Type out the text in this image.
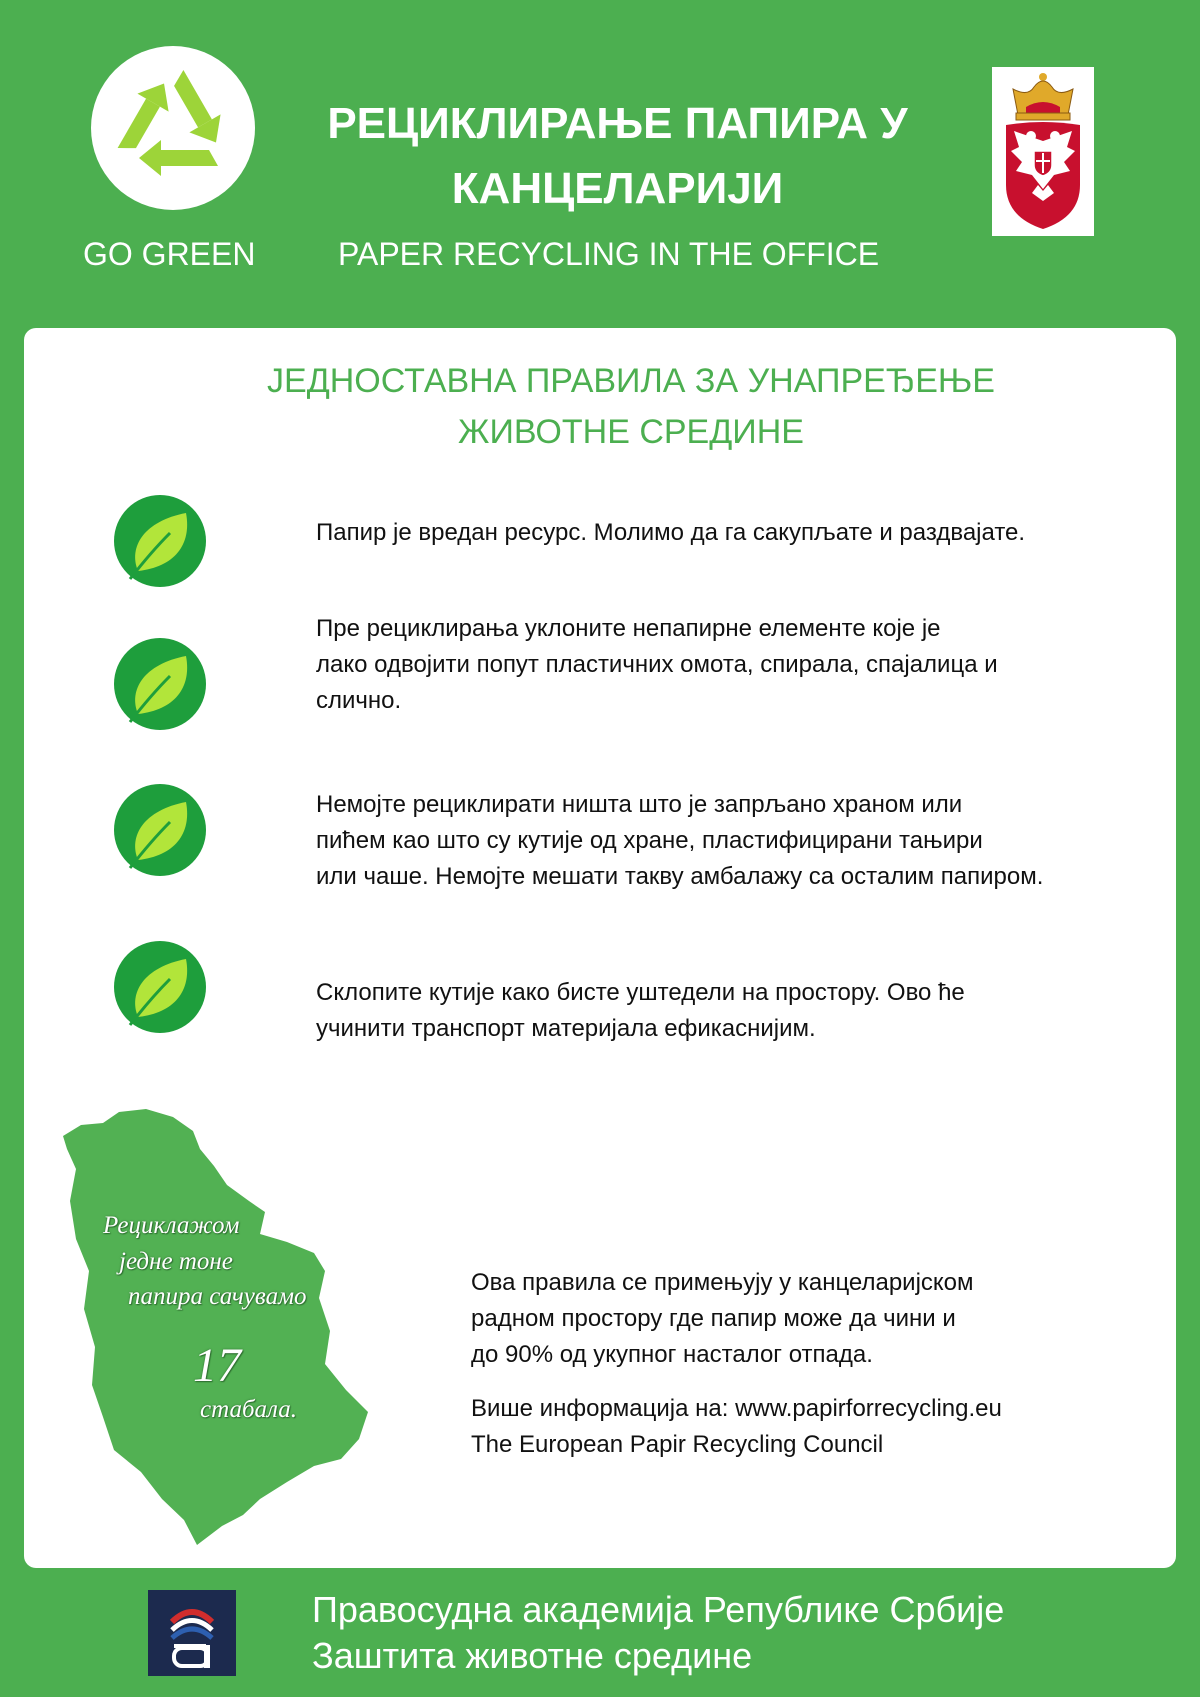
РЕЦИКЛИРАЊЕ ПАПИРА У
КАНЦЕЛАРИЈИ
GO GREEN	PAPER RECYCLING IN THE OFFICE
ЈЕДНОСТАВНА ПРАВИЛА ЗА УНАПРЕЂЕЊЕ
ЖИВОТНЕ СРЕДИНЕ
Папир је вредан ресурс. Молимо да га сакупљате и раздвајате.
Пре рециклирања уклоните непапирне елементе које је
лако одвојити попут пластичних омота, спирала, спајалица и
слично.
Немојте рециклирати ништа што је запрљано храном или
пићем као што су кутије од хране, пластифицирани тањири
или чаше. Немојте мешати такву амбалажу са осталим папиром.
Склопите кутије како бисте уштедели на простору. Ово ће
учинити транспорт материјала ефикаснијим.
Рециклажом
једне тоне
папира сачувамо
17
стабала.
Ова правила се примењују у канцеларијском
радном простору где папир може да чини и
до 90% од укупног насталог отпада.
Више информација на: www.papirforrecycling.eu
The European Papir Recycling Council
Правосудна академија Републике Србије
Заштита животне средине
